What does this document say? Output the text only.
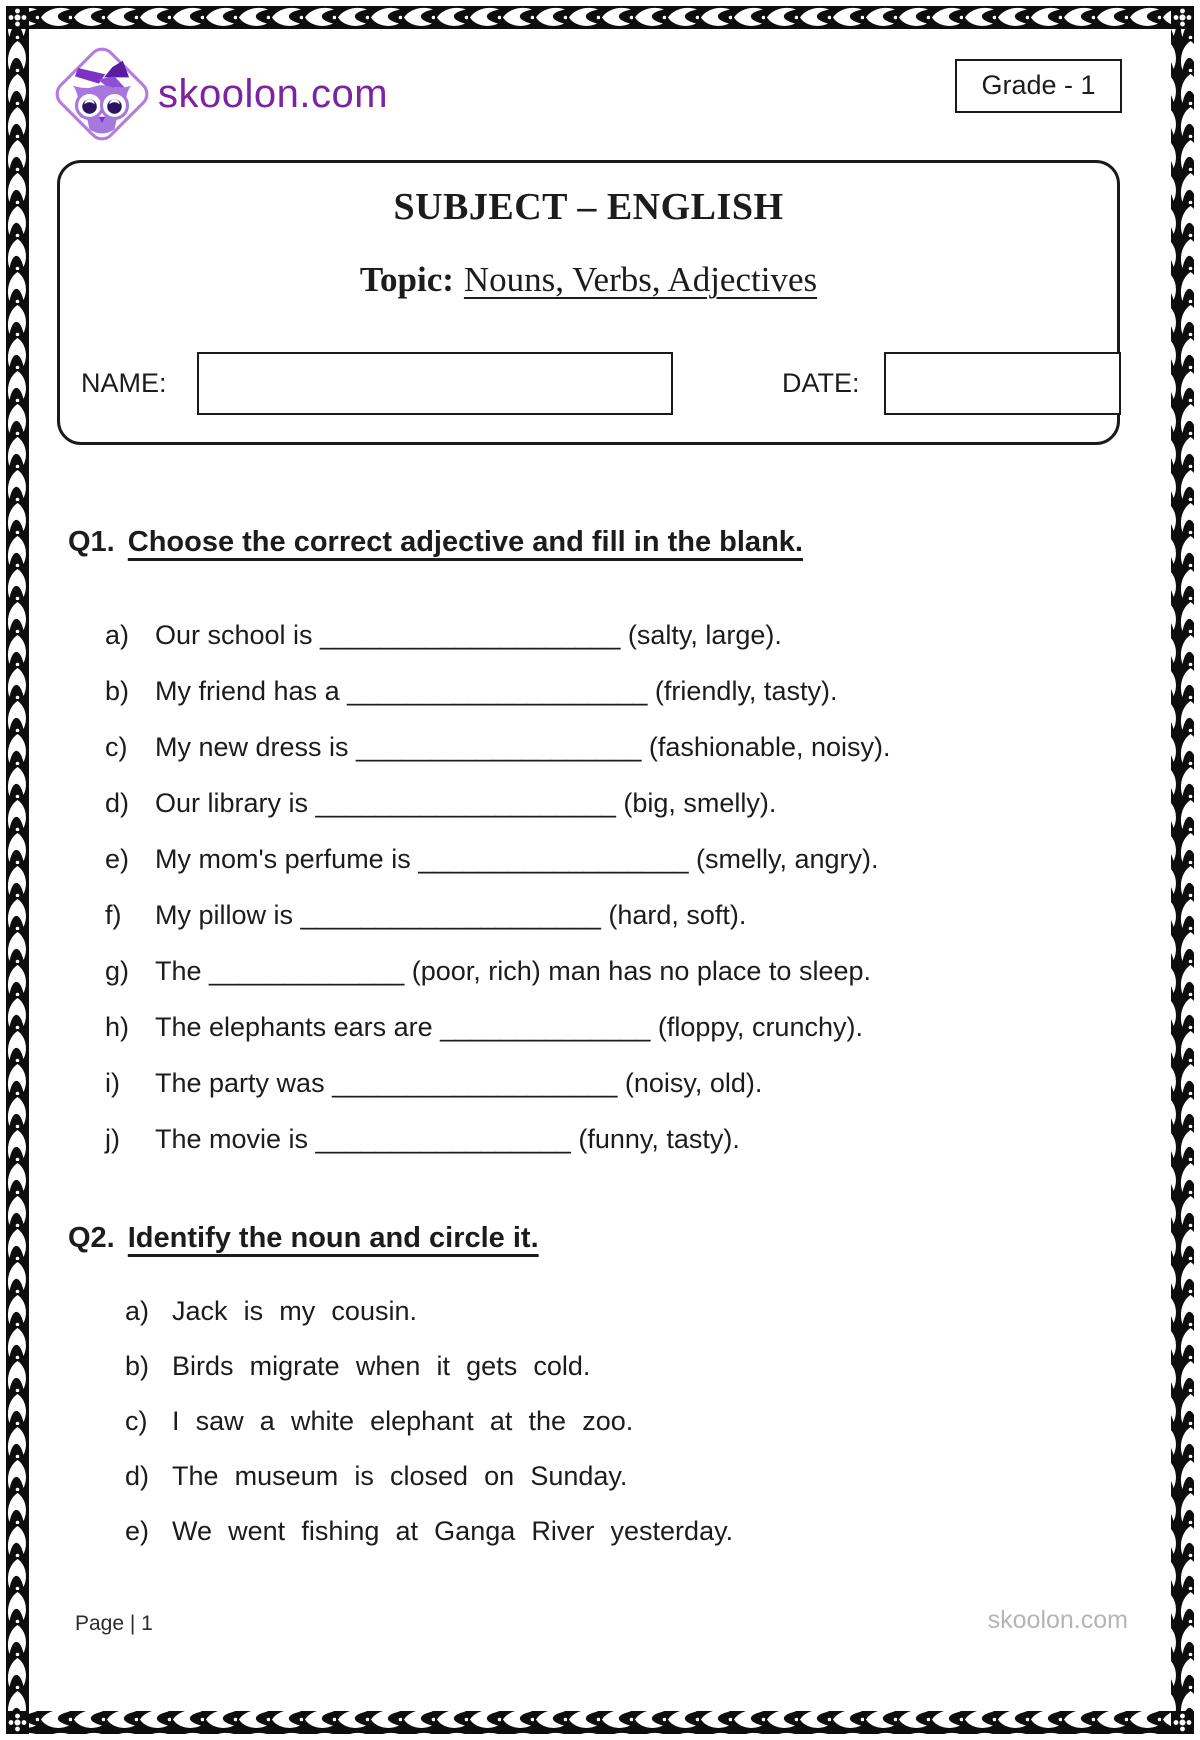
skoolon.com	Grade - 1
SUBJECT – ENGLISH
Topic: Nouns, Verbs, Adjectives
NAME:	DATE:
Q1. Choose the correct adjective and fill in the blank.
a) Our school is ____________________ (salty, large).
b) My friend has a ____________________ (friendly, tasty).
c)	My new dress is ___________________ (fashionable, noisy).
d) Our library is ____________________ (big, smelly).
e) My mom's perfume is __________________ (smelly, angry).
f)	My pillow is ____________________ (hard, soft).
g) The _____________ (poor, rich) man has no place to sleep.
h) The elephants ears are ______________ (floppy, crunchy).
i)	The party was ___________________ (noisy, old).
j)	The movie is _________________ (funny, tasty).
Q2. Identify the noun and circle it.
a) Jack is my cousin.
b) Birds migrate when it gets cold.
c) I saw a white elephant at the zoo.
d) The museum is closed on Sunday.
e) We went fishing at Ganga River yesterday.
Page | 1	skoolon.com
